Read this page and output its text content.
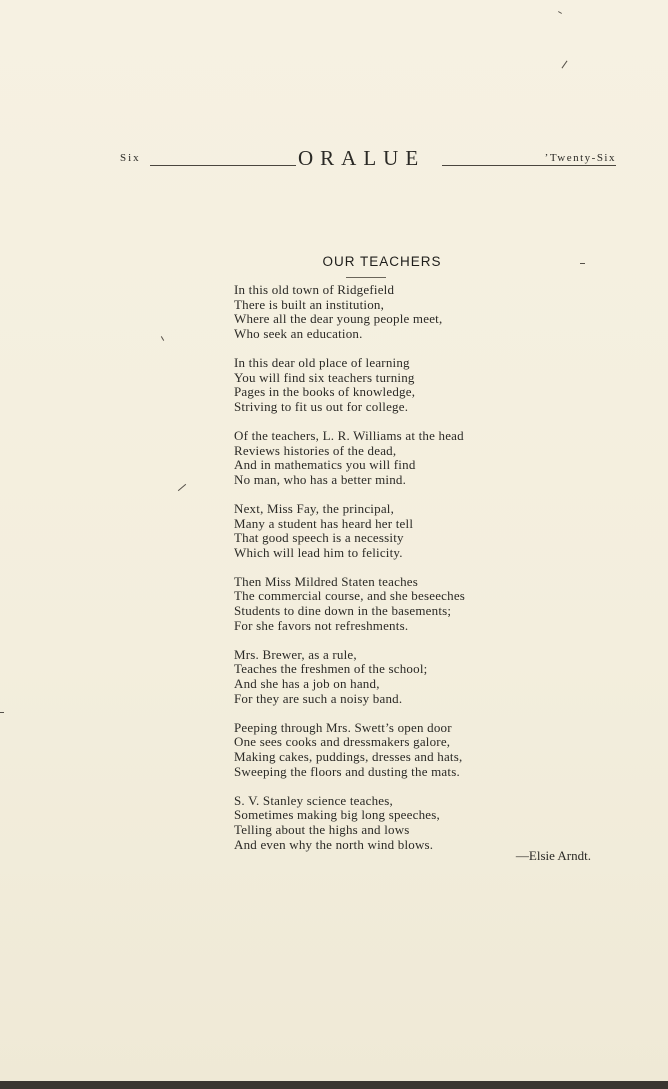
Six	ORALUE	’Twenty-Six
OUR TEACHERS
In this old town of Ridgefield
There is built an institution,
Where all the dear young people meet,
Who seek an education.
In this dear old place of learning
You will find six teachers turning
Pages in the books of knowledge,
Striving to fit us out for college.
Of the teachers, L. R. Williams at the head
Reviews histories of the dead,
And in mathematics you will find
No man, who has a better mind.
Next, Miss Fay, the principal,
Many a student has heard her tell
That good speech is a necessity
Which will lead him to felicity.
Then Miss Mildred Staten teaches
The commercial course, and she beseeches
Students to dine down in the basements;
For she favors not refreshments.
Mrs. Brewer, as a rule,
Teaches the freshmen of the school;
And she has a job on hand,
For they are such a noisy band.
Peeping through Mrs. Swett’s open door
One sees cooks and dressmakers galore,
Making cakes, puddings, dresses and hats,
Sweeping the floors and dusting the mats.
S. V. Stanley science teaches,
Sometimes making big long speeches,
Telling about the highs and lows
And even why the north wind blows.
—Elsie Arndt.
